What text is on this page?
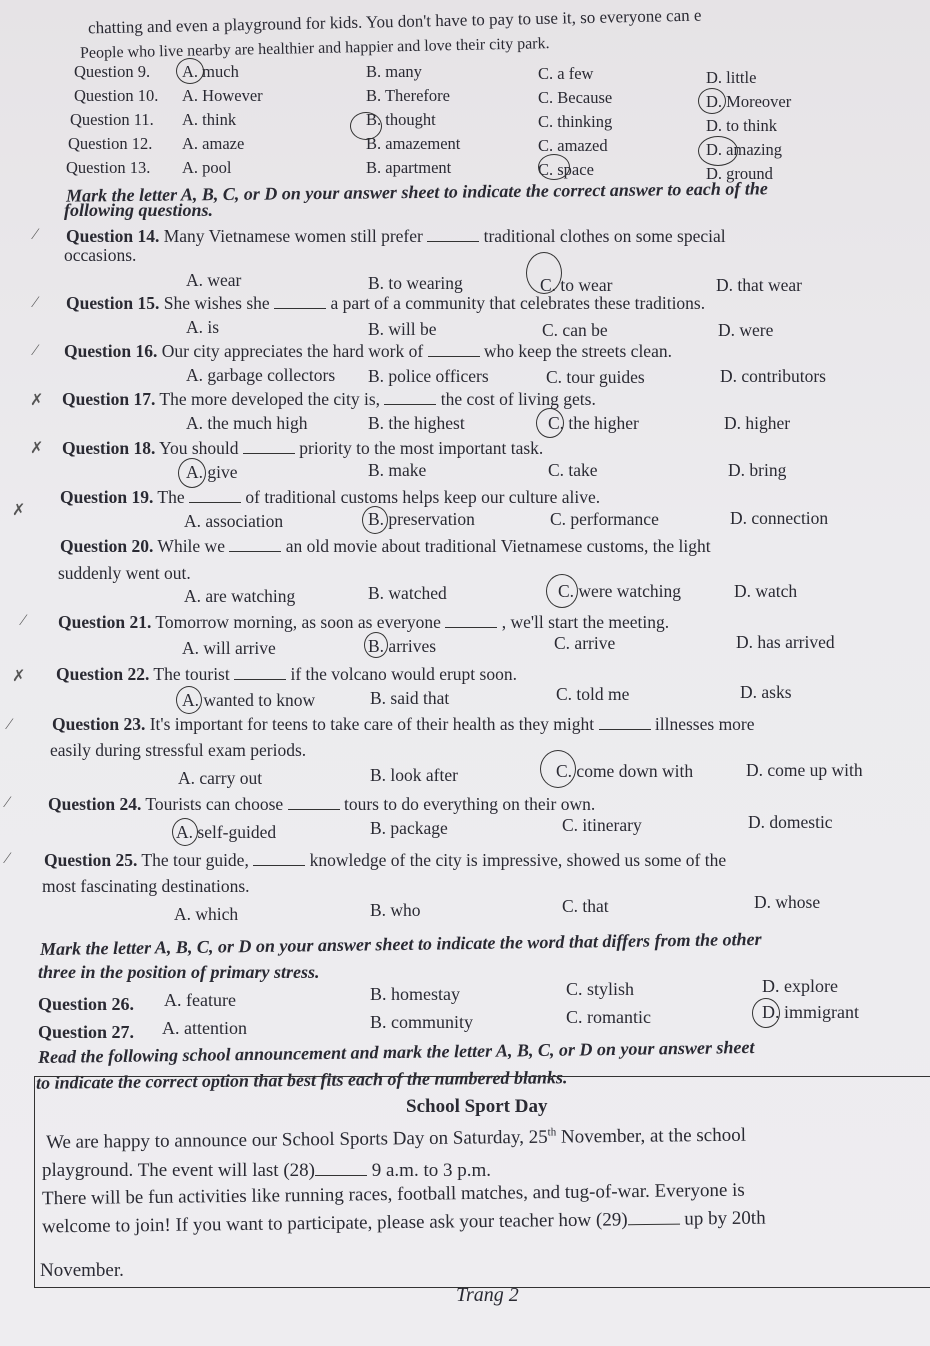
chatting and even a playground for kids. You don't have to pay to use it, so everyone can e
People who live nearby are healthier and happier and love their city park.
Question 9. A. much	B. many	C. a few	D. little
Question 10. A. However	B. Therefore	C. Because	D. Moreover
Question 11. A. think	B. thought	C. thinking	D. to think
Question 12. A. amaze	B. amazement	C. amazed	D. amazing
Question 13. A. pool	B. apartment	C. space	D. ground
Mark the letter A, B, C, or D on your answer sheet to indicate the correct answer to each of the
following questions.
Question 14. Many Vietnamese women still prefer	traditional clothes on some special
occasions.
A. wear	B. to wearing	C. to wear	D. that wear
Question 15. She wishes she	a part of a community that celebrates these traditions.
A. is	B. will be	C. can be	D. were
Question 16. Our city appreciates the hard work of	who keep the streets clean.
A. garbage collectors B. police officers	C. tour guides	D. contributors
Question 17. The more developed the city is,	the cost of living gets.
A. the much high	B. the highest	C. the higher	D. higher
Question 18. You should	priority to the most important task.
A. give	B. make	C. take	D. bring
Question 19. The	of traditional customs helps keep our culture alive.
A. association	B. preservation	C. performance	D. connection
Question 20. While we	an old movie about traditional Vietnamese customs, the light
suddenly went out.
A. are watching	B. watched	C. were watching	D. watch
Question 21. Tomorrow morning, as soon as everyone	, we'll start the meeting.
A. will arrive	B. arrives	C. arrive	D. has arrived
Question 22. The tourist	if the volcano would erupt soon.
A. wanted to know	B. said that	C. told me	D. asks
Question 23. It's important for teens to take care of their health as they might	illnesses more
easily during stressful exam periods.
A. carry out	B. look after	C. come down with	D. come up with
Question 24. Tourists can choose	tours to do everything on their own.
A. self-guided	B. package	C. itinerary	D. domestic
Question 25. The tour guide,	knowledge of the city is impressive, showed us some of the
most fascinating destinations.
A. which	B. who	C. that	D. whose
Mark the letter A, B, C, or D on your answer sheet to indicate the word that differs from the other
three in the position of primary stress.
Question 26. A. feature	B. homestay	C. stylish	D. explore
Question 27. A. attention	B. community	C. romantic	D. immigrant
Read the following school announcement and mark the letter A, B, C, or D on your answer sheet
to indicate the correct option that best fits each of the numbered blanks.
School Sport Day
We are happy to announce our School Sports Day on Saturday, 25th November, at the school
playground. The event will last (28)	9 a.m. to 3 p.m.
There will be fun activities like running races, football matches, and tug-of-war. Everyone is
welcome to join! If you want to participate, please ask your teacher how (29)	up by 20th
November.
Trang 2
⁄
⁄
⁄
✗
✗
✗
⁄
✗
⁄
⁄
⁄
